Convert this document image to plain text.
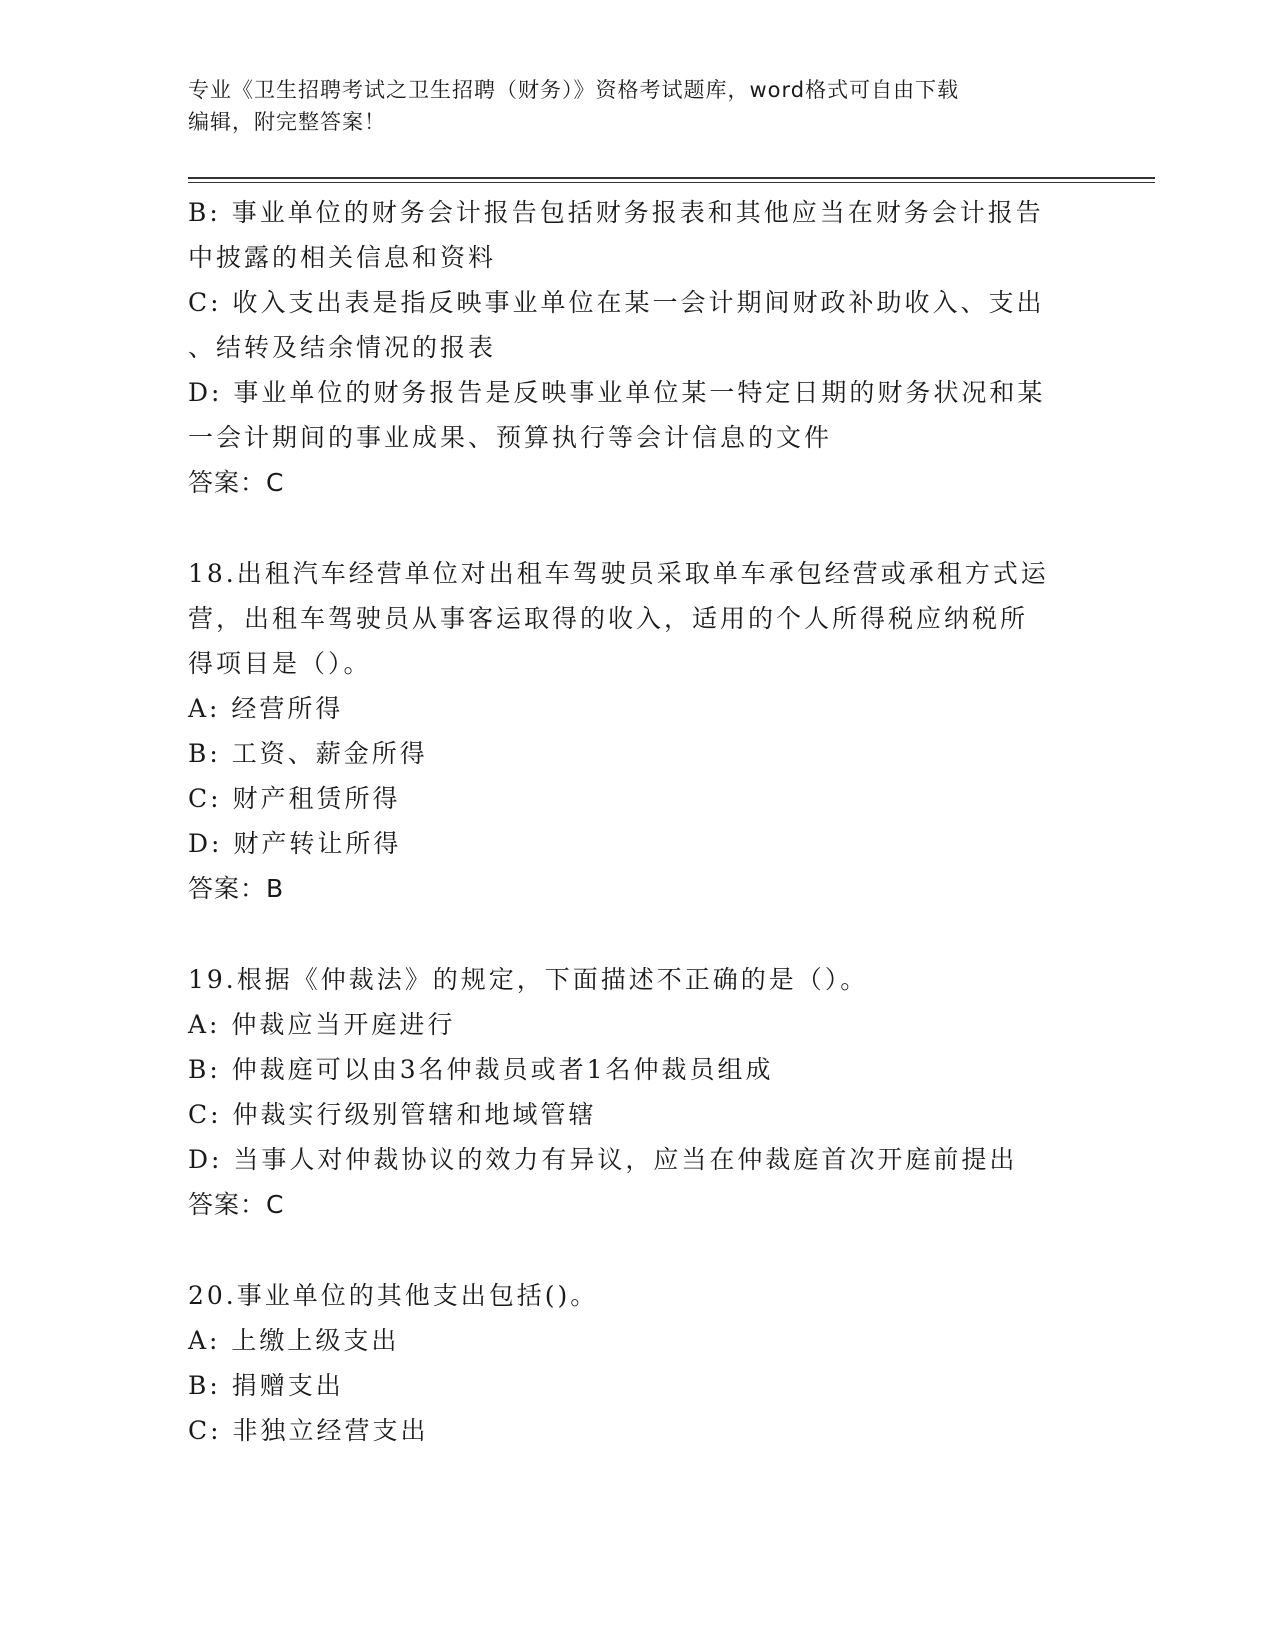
专业《卫生招聘考试之卫生招聘（财务）》资格考试题库，word格式可自由下载
编辑，附完整答案！
B: 事业单位的财务会计报告包括财务报表和其他应当在财务会计报告
中披露的相关信息和资料
C: 收入支出表是指反映事业单位在某一会计期间财政补助收入、支出
、结转及结余情况的报表
D: 事业单位的财务报告是反映事业单位某一特定日期的财务状况和某
一会计期间的事业成果、预算执行等会计信息的文件
答案：C
18.出租汽车经营单位对出租车驾驶员采取单车承包经营或承租方式运
营，出租车驾驶员从事客运取得的收入，适用的个人所得税应纳税所
得项目是（）。
A: 经营所得
B: 工资、薪金所得
C: 财产租赁所得
D: 财产转让所得
答案：B
19.根据《仲裁法》的规定，下面描述不正确的是（）。
A: 仲裁应当开庭进行
B: 仲裁庭可以由3名仲裁员或者1名仲裁员组成
C: 仲裁实行级别管辖和地域管辖
D: 当事人对仲裁协议的效力有异议，应当在仲裁庭首次开庭前提出
答案：C
20.事业单位的其他支出包括()。
A: 上缴上级支出
B: 捐赠支出
C: 非独立经营支出
